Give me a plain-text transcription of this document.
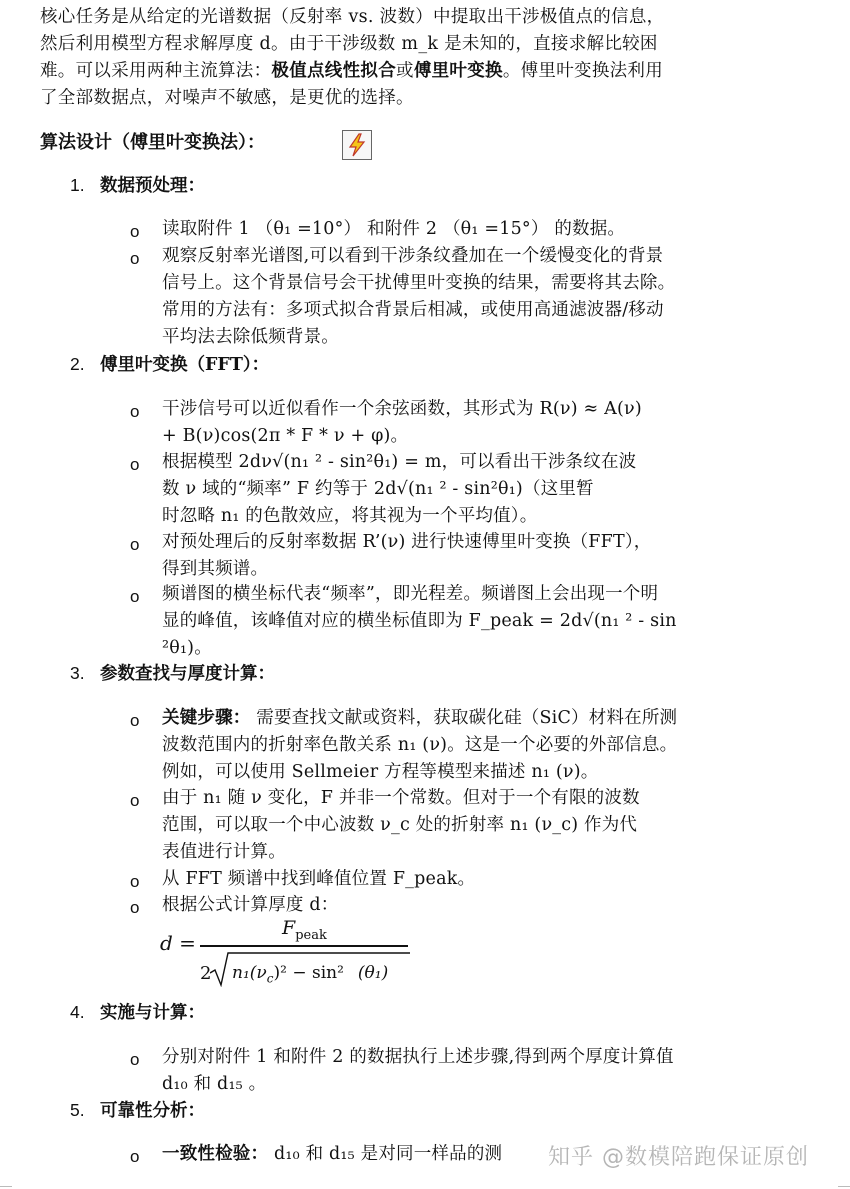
核心任务是从给定的光谱数据（反射率 vs. 波数）中提取出干涉极值点的信息，
然后利用模型方程求解厚度 d。由于干涉级数 m_k 是未知的，直接求解比较困
难。可以采用两种主流算法：极值点线性拟合或傅里叶变换。傅里叶变换法利用
了全部数据点，对噪声不敏感，是更优的选择。
算法设计（傅里叶变换法）：
1. 数据预处理：
o	读取附件 1 （θ₁ =10°） 和附件 2 （θ₁ =15°） 的数据。
o	观察反射率光谱图,可以看到干涉条纹叠加在一个缓慢变化的背景
信号上。这个背景信号会干扰傅里叶变换的结果，需要将其去除。
常用的方法有：多项式拟合背景后相减，或使用高通滤波器/移动
平均法去除低频背景。
2. 傅里叶变换（FFT）：
o	干涉信号可以近似看作一个余弦函数，其形式为 R(ν) ≈ A(ν)
+ B(ν)cos(2π * F * ν + φ)。
o	根据模型 2dν√(n₁ ² - sin²θ₁) = m，可以看出干涉条纹在波
数 ν 域的“频率” F 约等于 2d√(n₁ ² - sin²θ₁)（这里暂
时忽略 n₁ 的色散效应，将其视为一个平均值）。
o	对预处理后的反射率数据 R’(ν) 进行快速傅里叶变换（FFT），
得到其频谱。
o	频谱图的横坐标代表“频率”，即光程差。频谱图上会出现一个明
显的峰值，该峰值对应的横坐标值即为 F_peak = 2d√(n₁ ² - sin
²θ₁)。
3. 参数查找与厚度计算：
o	关键步骤： 需要查找文献或资料，获取碳化硅（SiC）材料在所测
波数范围内的折射率色散关系 n₁ (ν)。这是一个必要的外部信息。
例如，可以使用 Sellmeier 方程等模型来描述 n₁ (ν)。
o	由于 n₁ 随 ν 变化，F 并非一个常数。但对于一个有限的波数
范围，可以取一个中心波数 ν_c 处的折射率 n₁ (ν_c) 作为代
表值进行计算。
o	从 FFT 频谱中找到峰值位置 F_peak。
o	根据公式计算厚度 d：
d =
$F_{peak}$
2 $n_1(\nu_c)^2 - \sin^2$ (θ₁)
4. 实施与计算：
o	分别对附件 1 和附件 2 的数据执行上述步骤,得到两个厚度计算值
d₁₀ 和 d₁₅ 。
5. 可靠性分析：
o	一致性检验： d₁₀ 和 d₁₅ 是对同一样品的测	知乎 @数模陪跑保证原创
